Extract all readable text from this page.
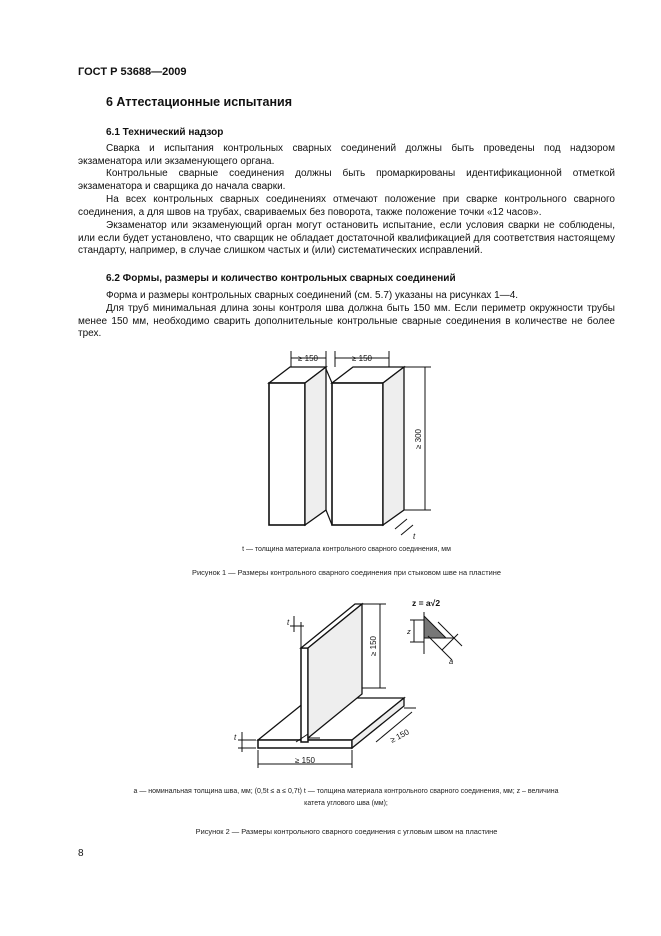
ГОСТ Р 53688—2009
6 Аттестационные испытания
6.1 Технический надзор
Сварка и испытания контрольных сварных соединений должны быть проведены под надзором экзаменатора или экзаменующего органа.
Контрольные сварные соединения должны быть промаркированы идентификационной отметкой экзаменатора и сварщика до начала сварки.
На всех контрольных сварных соединениях отмечают положение при сварке контрольного сварного соединения, а для швов на трубах, свариваемых без поворота, также положение точки «12 часов».
Экзаменатор или экзаменующий орган могут остановить испытание, если условия сварки не соблюдены, или если будет установлено, что сварщик не обладает достаточной квалификацией для соответствия настоящему стандарту, например, в случае слишком частых и (или) систематических исправлений.
6.2 Формы, размеры и количество контрольных сварных соединений
Форма и размеры контрольных сварных соединений (см. 5.7) указаны на рисунках 1—4.
Для труб минимальная длина зоны контроля шва должна быть 150 мм. Если периметр окружности трубы менее 150 мм, необходимо сварить дополнительные контрольные сварные соединения в количестве не более трех.
≥ 150	≥ 150
≥ 300
t
t — толщина материала контрольного сварного соединения, мм
Рисунок 1 — Размеры контрольного сварного соединения при стыковом шве на пластине
z = a√2
t
t
≥ 150
≥ 150
≥ 150
z
a
a — номинальная толщина шва, мм; (0,5t ≤ a ≤ 0,7t) t — толщина материала контрольного сварного соединения, мм; z – величина
катета углового шва (мм);
Рисунок 2 — Размеры контрольного сварного соединения с угловым швом на пластине
8
